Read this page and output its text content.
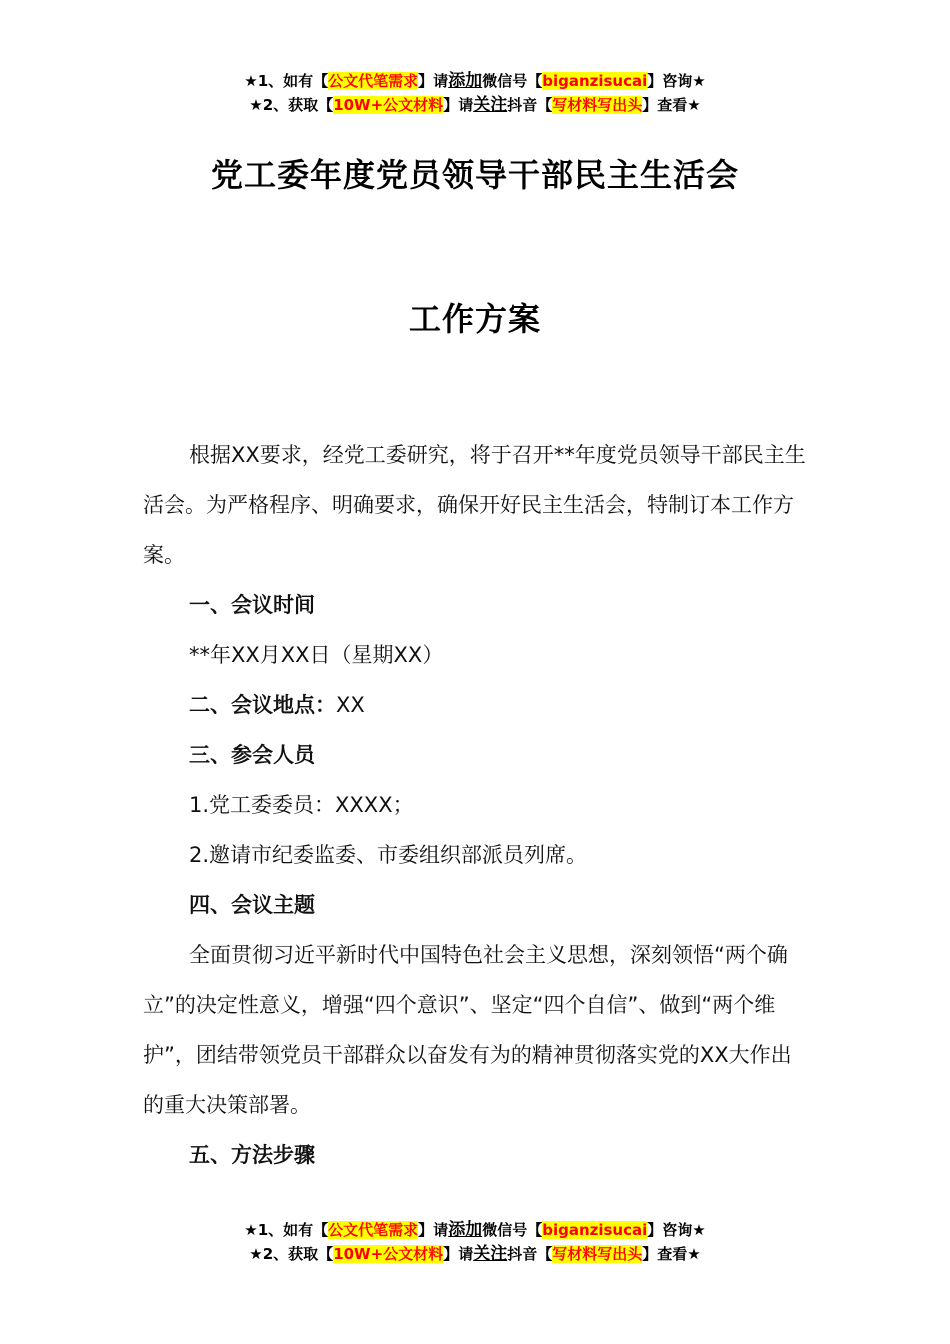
★1、如有【公文代笔需求】请添加微信号【biganzisucai】咨询★
★2、获取【10W+公文材料】请关注抖音【写材料写出头】查看★
党工委年度党员领导干部民主生活会
工作方案

根据XX要求，经党工委研究，将于召开**年度党员领导干部民主生活会。为严格程序、明确要求，确保开好民主生活会，特制订本工作方案。

一、会议时间

**年XX月XX日（星期XX）

二、会议地点：XX

三、参会人员

1.党工委委员：XXXX；

2.邀请市纪委监委、市委组织部派员列席。

四、会议主题

全面贯彻习近平新时代中国特色社会主义思想，深刻领悟“两个确立”的决定性意义，增强“四个意识”、坚定“四个自信”、做到“两个维护”，团结带领党员干部群众以奋发有为的精神贯彻落实党的XX大作出的重大决策部署。

五、方法步骤

★1、如有【公文代笔需求】请添加微信号【biganzisucai】咨询★
★2、获取【10W+公文材料】请关注抖音【写材料写出头】查看★
